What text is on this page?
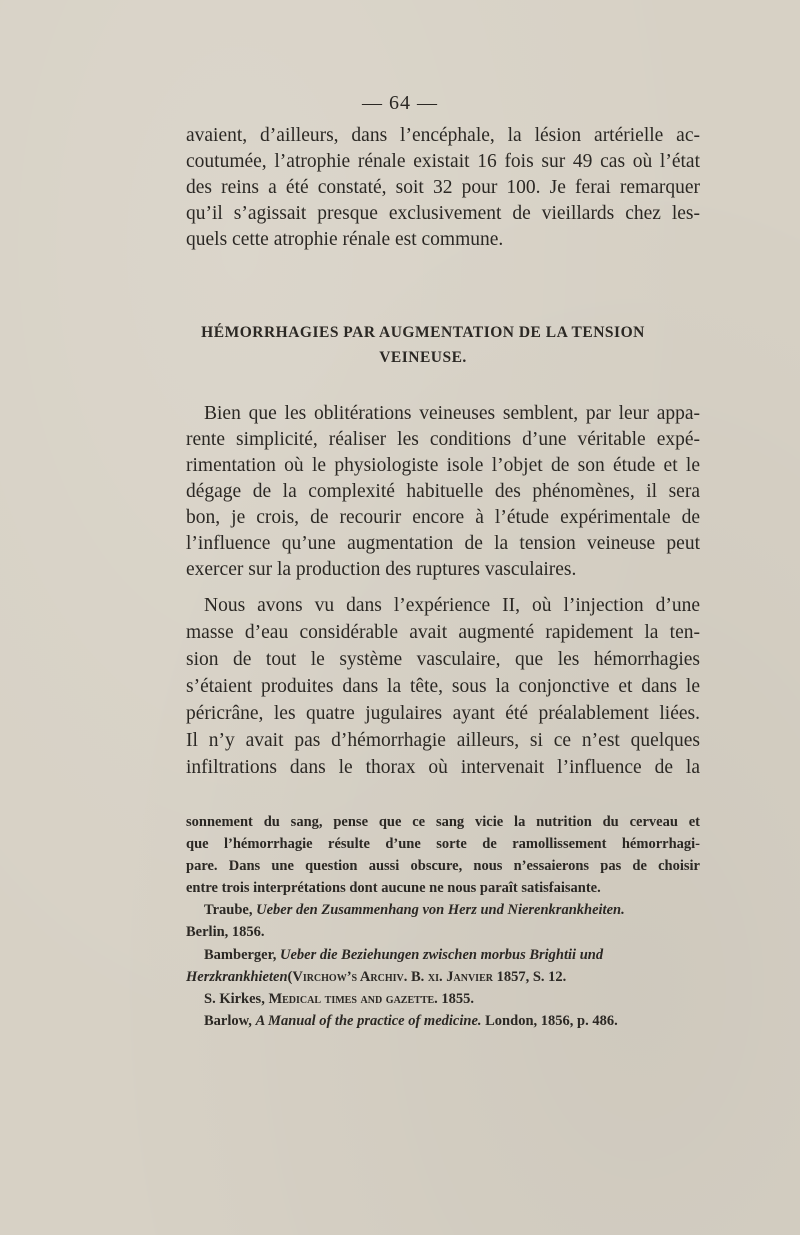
— 64 —
avaient, d’ailleurs, dans l’encéphale, la lésion artérielle ac-
coutumée, l’atrophie rénale existait 16 fois sur 49 cas où l’état
des reins a été constaté, soit 32 pour 100. Je ferai remarquer
qu’il s’agissait presque exclusivement de vieillards chez les-
quels cette atrophie rénale est commune.
HÉMORRHAGIES PAR AUGMENTATION DE LA TENSION
VEINEUSE.
Bien que les oblitérations veineuses semblent, par leur appa-
rente simplicité, réaliser les conditions d’une véritable expé-
rimentation où le physiologiste isole l’objet de son étude et le
dégage de la complexité habituelle des phénomènes, il sera
bon, je crois, de recourir encore à l’étude expérimentale de
l’influence qu’une augmentation de la tension veineuse peut
exercer sur la production des ruptures vasculaires.
Nous avons vu dans l’expérience II, où l’injection d’une
masse d’eau considérable avait augmenté rapidement la ten-
sion de tout le système vasculaire, que les hémorrhagies
s’étaient produites dans la tête, sous la conjonctive et dans le
péricrâne, les quatre jugulaires ayant été préalablement liées.
Il n’y avait pas d’hémorrhagie ailleurs, si ce n’est quelques
infiltrations dans le thorax où intervenait l’influence de la
sonnement du sang, pense que ce sang vicie la nutrition du cerveau et
que l’hémorrhagie résulte d’une sorte de ramollissement hémorrhagi-
pare. Dans une question aussi obscure, nous n’essaierons pas de choisir
entre trois interprétations dont aucune ne nous paraît satisfaisante.
Traube, Ueber den Zusammenhang von Herz und Nierenkrankheiten.
Berlin, 1856.
Bamberger, Ueber die Beziehungen zwischen morbus Brightii und
Herzkrankhieten(Virchow’s Archiv. B. xi. Janvier 1857, S. 12.
S. Kirkes, Medical times and gazette. 1855.
Barlow, A Manual of the practice of medicine. London, 1856, p. 486.
